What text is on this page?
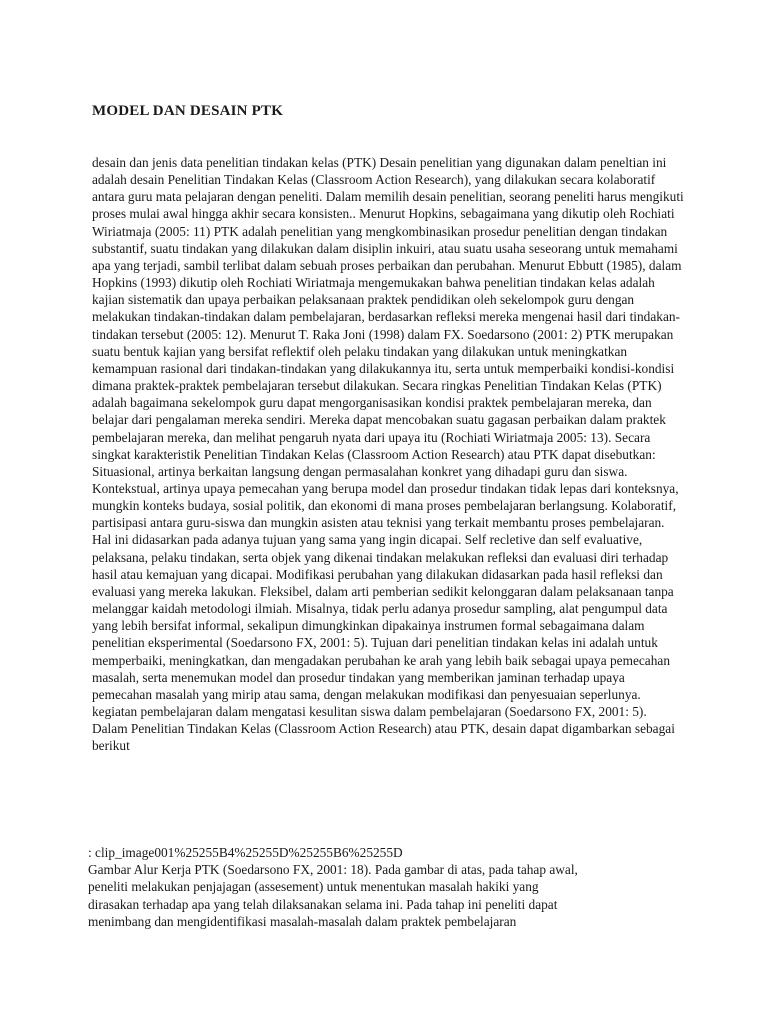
MODEL DAN DESAIN PTK

desain dan jenis data penelitian tindakan kelas (PTK) Desain penelitian yang digunakan dalam peneltian ini adalah desain Penelitian Tindakan Kelas (Classroom Action Research), yang dilakukan secara kolaboratif antara guru mata pelajaran dengan peneliti. Dalam memilih desain penelitian, seorang peneliti harus mengikuti proses mulai awal hingga akhir secara konsisten.. Menurut Hopkins, sebagaimana yang dikutip oleh Rochiati Wiriatmaja (2005: 11) PTK adalah penelitian yang mengkombinasikan prosedur penelitian dengan tindakan substantif, suatu tindakan yang dilakukan dalam disiplin inkuiri, atau suatu usaha seseorang untuk memahami apa yang terjadi, sambil terlibat dalam sebuah proses perbaikan dan perubahan. Menurut Ebbutt (1985), dalam Hopkins (1993) dikutip oleh Rochiati Wiriatmaja mengemukakan bahwa penelitian tindakan kelas adalah kajian sistematik dan upaya perbaikan pelaksanaan praktek pendidikan oleh sekelompok guru dengan melakukan tindakan-tindakan dalam pembelajaran, berdasarkan refleksi mereka mengenai hasil dari tindakan-tindakan tersebut (2005: 12). Menurut T. Raka Joni (1998) dalam FX. Soedarsono (2001: 2) PTK merupakan suatu bentuk kajian yang bersifat reflektif oleh pelaku tindakan yang dilakukan untuk meningkatkan kemampuan rasional dari tindakan-tindakan yang dilakukannya itu, serta untuk memperbaiki kondisi-kondisi dimana praktek-praktek pembelajaran tersebut dilakukan. Secara ringkas Penelitian Tindakan Kelas (PTK) adalah bagaimana sekelompok guru dapat mengorganisasikan kondisi praktek pembelajaran mereka, dan belajar dari pengalaman mereka sendiri. Mereka dapat mencobakan suatu gagasan perbaikan dalam praktek pembelajaran mereka, dan melihat pengaruh nyata dari upaya itu (Rochiati Wiriatmaja 2005: 13). Secara singkat karakteristik Penelitian Tindakan Kelas (Classroom Action Research) atau PTK dapat disebutkan: Situasional, artinya berkaitan langsung dengan permasalahan konkret yang dihadapi guru dan siswa. Kontekstual, artinya upaya pemecahan yang berupa model dan prosedur tindakan tidak lepas dari konteksnya, mungkin konteks budaya, sosial politik, dan ekonomi di mana proses pembelajaran berlangsung. Kolaboratif, partisipasi antara guru-siswa dan mungkin asisten atau teknisi yang terkait membantu proses pembelajaran. Hal ini didasarkan pada adanya tujuan yang sama yang ingin dicapai. Self recletive dan self evaluative, pelaksana, pelaku tindakan, serta objek yang dikenai tindakan melakukan refleksi dan evaluasi diri terhadap hasil atau kemajuan yang dicapai. Modifikasi perubahan yang dilakukan didasarkan pada hasil refleksi dan evaluasi yang mereka lakukan. Fleksibel, dalam arti pemberian sedikit kelonggaran dalam pelaksanaan tanpa melanggar kaidah metodologi ilmiah. Misalnya, tidak perlu adanya prosedur sampling, alat pengumpul data yang lebih bersifat informal, sekalipun dimungkinkan dipakainya instrumen formal sebagaimana dalam penelitian eksperimental (Soedarsono FX, 2001: 5). Tujuan dari penelitian tindakan kelas ini adalah untuk memperbaiki, meningkatkan, dan mengadakan perubahan ke arah yang lebih baik sebagai upaya pemecahan masalah, serta menemukan model dan prosedur tindakan yang memberikan jaminan terhadap upaya pemecahan masalah yang mirip atau sama, dengan melakukan modifikasi dan penyesuaian seperlunya. kegiatan pembelajaran dalam mengatasi kesulitan siswa dalam pembelajaran (Soedarsono FX, 2001: 5). Dalam Penelitian Tindakan Kelas (Classroom Action Research) atau PTK, desain dapat digambarkan sebagai berikut

: clip_image001%25255B4%25255D%25255B6%25255D
Gambar Alur Kerja PTK (Soedarsono FX, 2001: 18). Pada gambar di atas, pada tahap awal,
peneliti melakukan penjajagan (assesement) untuk menentukan masalah hakiki yang
dirasakan terhadap apa yang telah dilaksanakan selama ini. Pada tahap ini peneliti dapat
menimbang dan mengidentifikasi masalah-masalah dalam praktek pembelajaran
